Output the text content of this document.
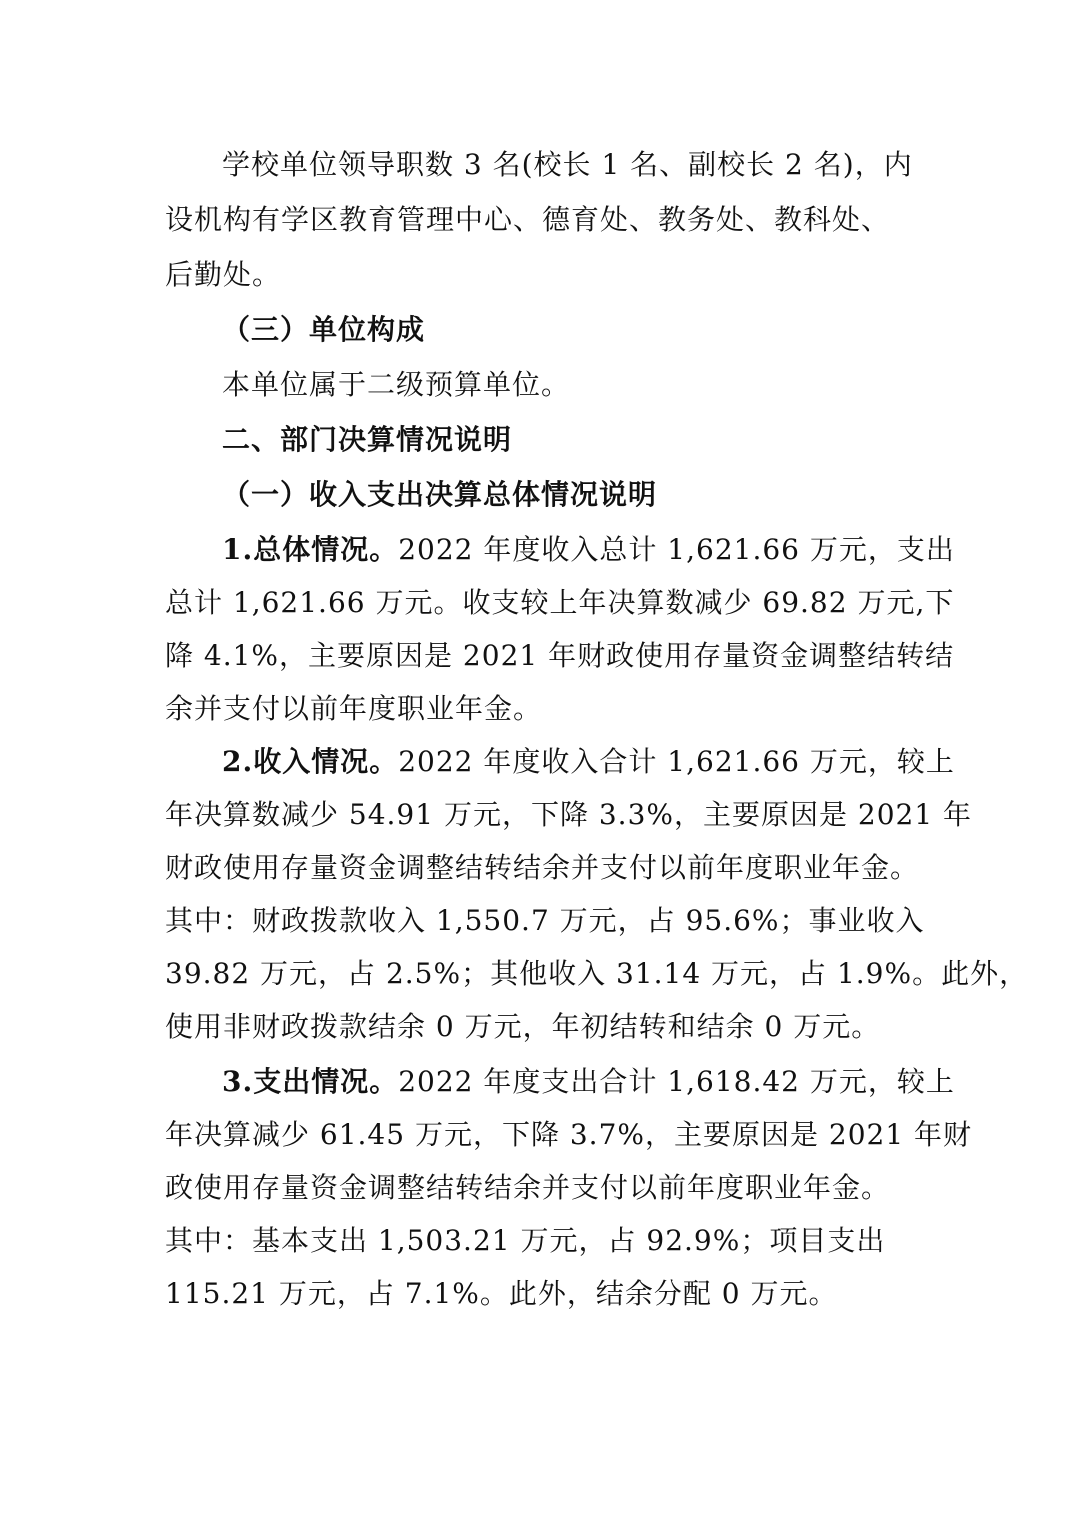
学校单位领导职数 3 名(校长 1 名、副校长 2 名)，内
设机构有学区教育管理中心、德育处、教务处、教科处、
后勤处。
（三）单位构成
本单位属于二级预算单位。
二、部门决算情况说明
（一）收入支出决算总体情况说明
1.总体情况。2022 年度收入总计 1,621.66 万元，支出
总计 1,621.66 万元。收支较上年决算数减少 69.82 万元,下
降 4.1%，主要原因是 2021 年财政使用存量资金调整结转结
余并支付以前年度职业年金。
2.收入情况。2022 年度收入合计 1,621.66 万元，较上
年决算数减少 54.91 万元，下降 3.3%，主要原因是 2021 年
财政使用存量资金调整结转结余并支付以前年度职业年金。
其中：财政拨款收入 1,550.7 万元，占 95.6%；事业收入
39.82 万元，占 2.5%；其他收入 31.14 万元，占 1.9%。此外，
使用非财政拨款结余 0 万元，年初结转和结余 0 万元。
3.支出情况。2022 年度支出合计 1,618.42 万元，较上
年决算减少 61.45 万元，下降 3.7%，主要原因是 2021 年财
政使用存量资金调整结转结余并支付以前年度职业年金。
其中：基本支出 1,503.21 万元，占 92.9%；项目支出
115.21 万元，占 7.1%。此外，结余分配 0 万元。
